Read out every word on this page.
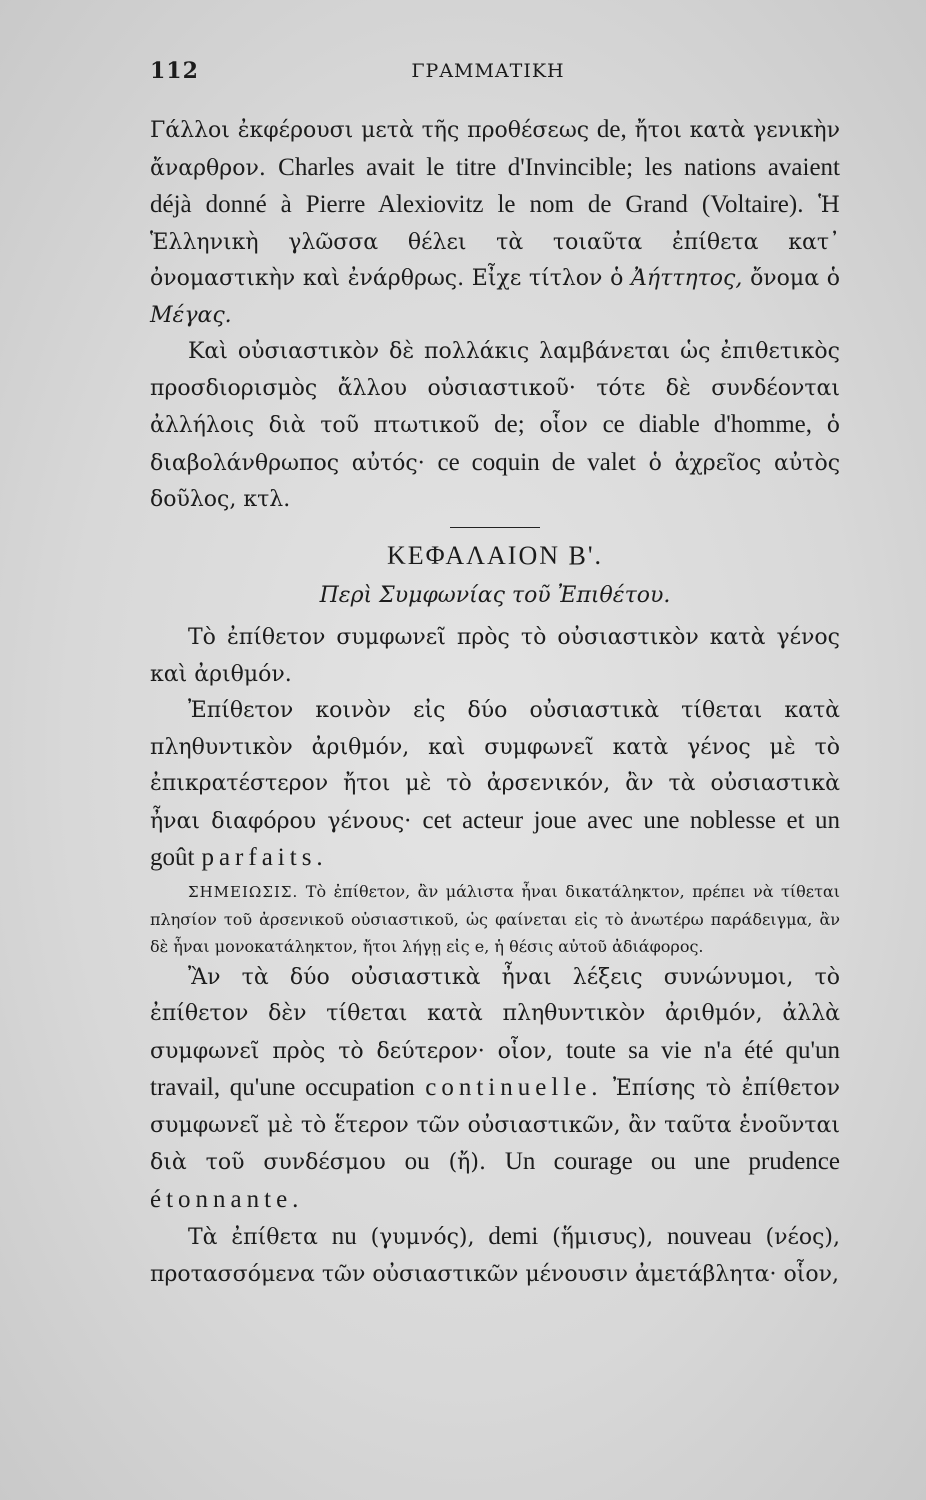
112	ΓΡΑΜΜΑΤΙΚΗ

Γάλλοι ἐκφέρουσι μετὰ τῆς προθέσεως de, ἤτοι κατὰ γενικὴν ἄναρθρον. Charles avait le titre d'Invincible; les nations avaient déjà donné à Pierre Alexiovitz le nom de Grand (Voltaire). Ἡ Ἑλληνικὴ γλῶσσα θέλει τὰ τοιαῦτα ἐπίθετα κατ᾽ ὀνομαστικὴν καὶ ἐνάρθρως. Εἶχε τίτλον ὁ Ἀήττητος, ὄνομα ὁ Μέγας.

Καὶ οὐσιαστικὸν δὲ πολλάκις λαμβάνεται ὡς ἐπιθετικὸς προσδιορισμὸς ἄλλου οὐσιαστικοῦ· τότε δὲ συνδέονται ἀλλήλοις διὰ τοῦ πτωτικοῦ de; οἷον ce diable d'homme, ὁ διαβολάνθρωπος αὐτός· ce coquin de valet ὁ ἀχρεῖος αὐτὸς δοῦλος, κτλ.

ΚΕΦΑΛΑΙΟΝ Β'.
Περὶ Συμφωνίας τοῦ Ἐπιθέτου.

Τὸ ἐπίθετον συμφωνεῖ πρὸς τὸ οὐσιαστικὸν κατὰ γένος καὶ ἀριθμόν.

Ἐπίθετον κοινὸν εἰς δύο οὐσιαστικὰ τίθεται κατὰ πληθυντικὸν ἀριθμόν, καὶ συμφωνεῖ κατὰ γένος μὲ τὸ ἐπικρατέστερον ἤτοι μὲ τὸ ἀρσενικόν, ἂν τὰ οὐσιαστικὰ ἦναι διαφόρου γένους· cet acteur joue avec une noblesse et un goût parfaits.

ΣΗΜΕΙΩΣΙΣ. Τὸ ἐπίθετον, ἂν μάλιστα ἦναι δικατάληκτον, πρέπει νὰ τίθεται πλησίον τοῦ ἀρσενικοῦ οὐσιαστικοῦ, ὡς φαίνεται εἰς τὸ ἀνωτέρω παράδειγμα, ἂν δὲ ἦναι μονοκατάληκτον, ἤτοι λήγῃ εἰς e, ἡ θέσις αὐτοῦ ἀδιάφορος.

Ἂν τὰ δύο οὐσιαστικὰ ἦναι λέξεις συνώνυμοι, τὸ ἐπίθετον δὲν τίθεται κατὰ πληθυντικὸν ἀριθμόν, ἀλλὰ συμφωνεῖ πρὸς τὸ δεύτερον· οἷον, toute sa vie n'a été qu'un travail, qu'une occupation continuelle. Ἐπίσης τὸ ἐπίθετον συμφωνεῖ μὲ τὸ ἕτερον τῶν οὐσιαστικῶν, ἂν ταῦτα ἑνοῦνται διὰ τοῦ συνδέσμου ou (ἤ). Un courage ou une prudence étonnante.

Τὰ ἐπίθετα nu (γυμνός), demi (ἥμισυς), nouveau (νέος), προτασσόμενα τῶν οὐσιαστικῶν μένουσιν ἀμετάβλητα· οἷον,
